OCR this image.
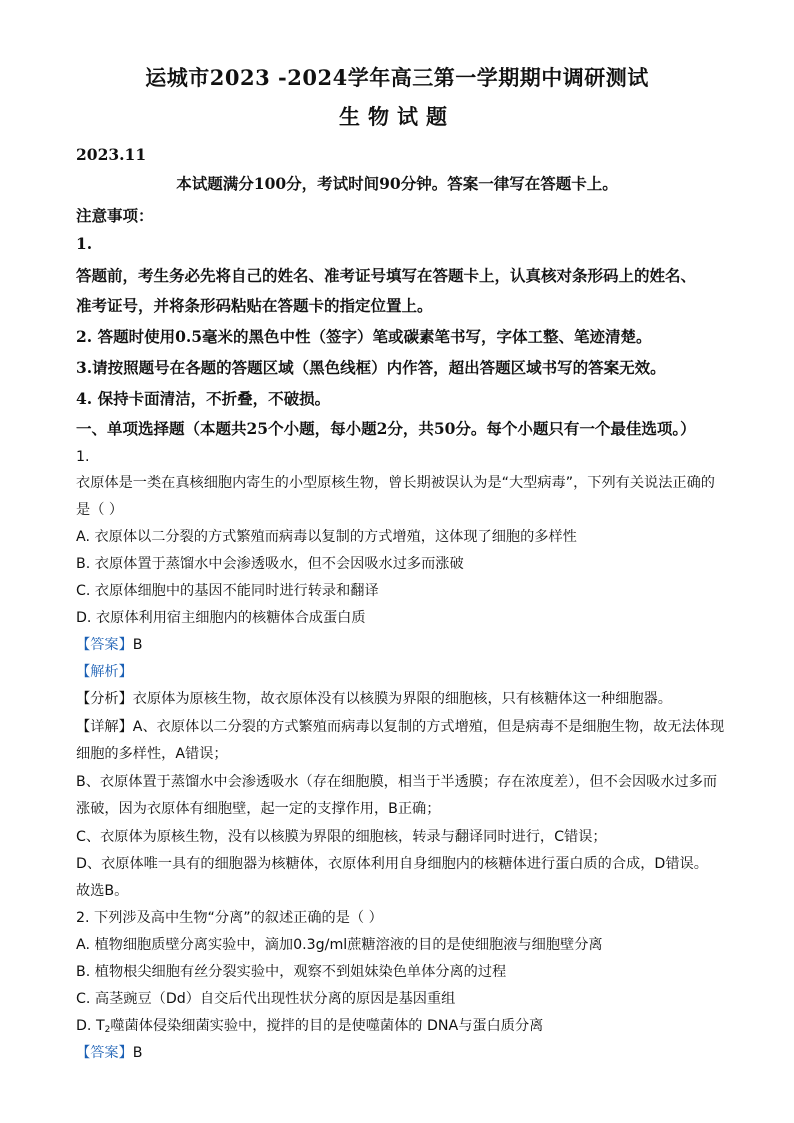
运城市2023 -2024学年高三第一学期期中调研测试
生物试题
2023.11
本试题满分100分，考试时间90分钟。答案一律写在答题卡上。
注意事项：
1.
答题前，考生务必先将自己的姓名、准考证号填写在答题卡上，认真核对条形码上的姓名、
准考证号，并将条形码粘贴在答题卡的指定位置上。
2. 答题时使用0.5毫米的黑色中性（签字）笔或碳素笔书写，字体工整、笔迹清楚。
3.请按照题号在各题的答题区域（黑色线框）内作答，超出答题区域书写的答案无效。
4. 保持卡面清洁，不折叠，不破损。
一、单项选择题（本题共25个小题，每小题2分，共50分。每个小题只有一个最佳选项。）
1.
衣原体是一类在真核细胞内寄生的小型原核生物，曾长期被误认为是“大型病毒”，下列有关说法正确的
是（ ）
A. 衣原体以二分裂的方式繁殖而病毒以复制的方式增殖，这体现了细胞的多样性
B. 衣原体置于蒸馏水中会渗透吸水，但不会因吸水过多而涨破
C. 衣原体细胞中的基因不能同时进行转录和翻译
D. 衣原体利用宿主细胞内的核糖体合成蛋白质
【答案】B
【解析】
【分析】衣原体为原核生物，故衣原体没有以核膜为界限的细胞核，只有核糖体这一种细胞器。
【详解】A、衣原体以二分裂的方式繁殖而病毒以复制的方式增殖，但是病毒不是细胞生物，故无法体现
细胞的多样性，A错误；
B、衣原体置于蒸馏水中会渗透吸水（存在细胞膜，相当于半透膜；存在浓度差），但不会因吸水过多而
涨破，因为衣原体有细胞壁，起一定的支撑作用，B正确；
C、衣原体为原核生物，没有以核膜为界限的细胞核，转录与翻译同时进行，C错误；
D、衣原体唯一具有的细胞器为核糖体，衣原体利用自身细胞内的核糖体进行蛋白质的合成，D错误。
故选B。
2. 下列涉及高中生物“分离”的叙述正确的是（ ）
A. 植物细胞质壁分离实验中，滴加0.3g/ml蔗糖溶液的目的是使细胞液与细胞壁分离
B. 植物根尖细胞有丝分裂实验中，观察不到姐妹染色单体分离的过程
C. 高茎豌豆（Dd）自交后代出现性状分离的原因是基因重组
D. $T_2$噬菌体侵染细菌实验中，搅拌的目的是使噬菌体的 DNA与蛋白质分离
【答案】B
